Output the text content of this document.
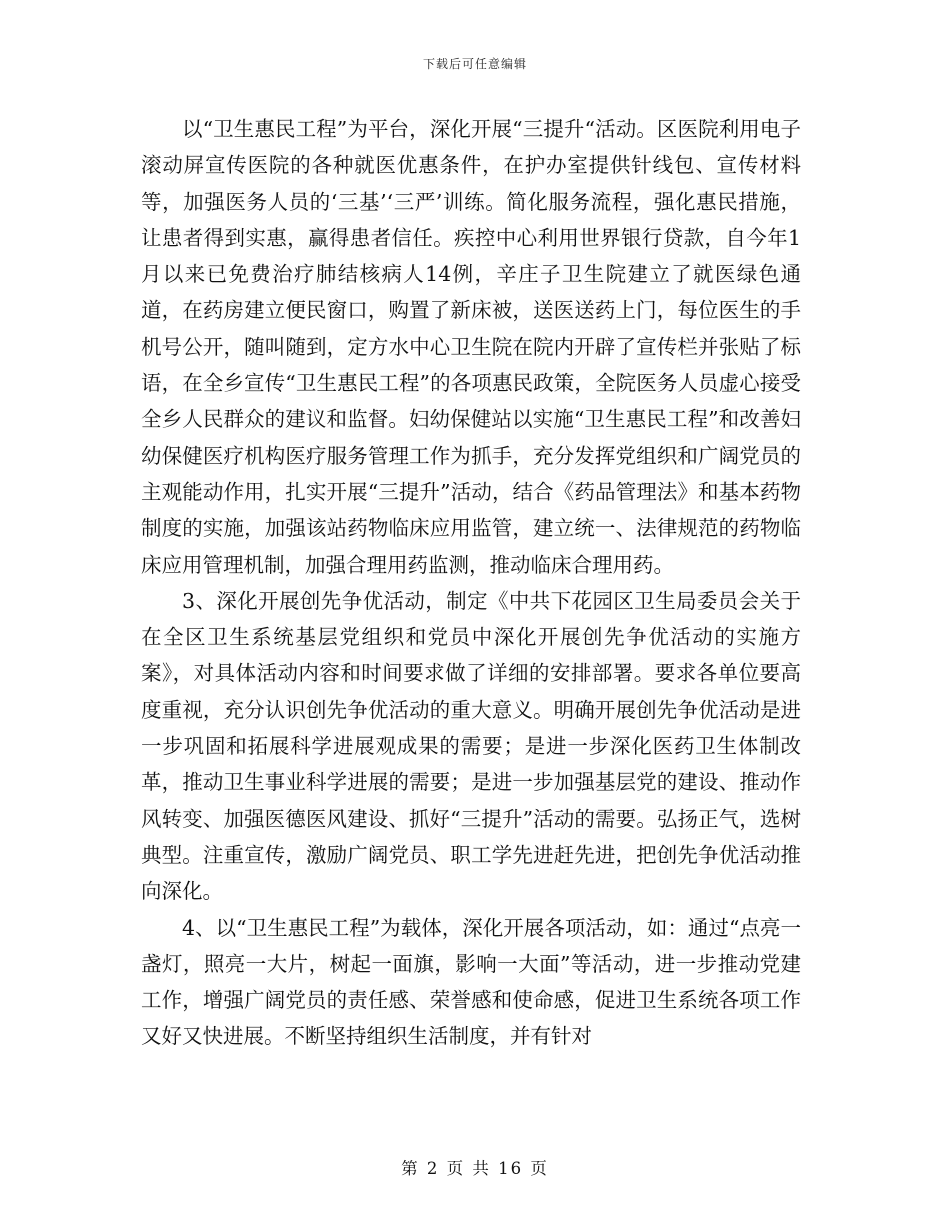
下载后可任意编辑

以“卫生惠民工程”为平台，深化开展“三提升“活动。区医院利用电子滚动屏宣传医院的各种就医优惠条件，在护办室提供针线包、宣传材料等，加强医务人员的‘三基’‘三严’训练。简化服务流程，强化惠民措施，让患者得到实惠，赢得患者信任。疾控中心利用世界银行贷款，自今年1月以来已免费治疗肺结核病人14例，辛庄子卫生院建立了就医绿色通道，在药房建立便民窗口，购置了新床被，送医送药上门，每位医生的手机号公开，随叫随到，定方水中心卫生院在院内开辟了宣传栏并张贴了标语，在全乡宣传“卫生惠民工程”的各项惠民政策，全院医务人员虚心接受全乡人民群众的建议和监督。妇幼保健站以实施“卫生惠民工程”和改善妇幼保健医疗机构医疗服务管理工作为抓手，充分发挥党组织和广阔党员的主观能动作用，扎实开展“三提升”活动，结合《药品管理法》和基本药物制度的实施，加强该站药物临床应用监管，建立统一、法律规范的药物临床应用管理机制，加强合理用药监测，推动临床合理用药。

3、深化开展创先争优活动，制定《中共下花园区卫生局委员会关于在全区卫生系统基层党组织和党员中深化开展创先争优活动的实施方案》，对具体活动内容和时间要求做了详细的安排部署。要求各单位要高度重视，充分认识创先争优活动的重大意义。明确开展创先争优活动是进一步巩固和拓展科学进展观成果的需要；是进一步深化医药卫生体制改革，推动卫生事业科学进展的需要；是进一步加强基层党的建设、推动作风转变、加强医德医风建设、抓好“三提升”活动的需要。弘扬正气，选树典型。注重宣传，激励广阔党员、职工学先进赶先进，把创先争优活动推向深化。

4、以“卫生惠民工程”为载体，深化开展各项活动，如：通过“点亮一盏灯，照亮一大片，树起一面旗，影响一大面”等活动，进一步推动党建工作，增强广阔党员的责任感、荣誉感和使命感，促进卫生系统各项工作又好又快进展。不断坚持组织生活制度，并有针对

第 2 页 共 16 页
